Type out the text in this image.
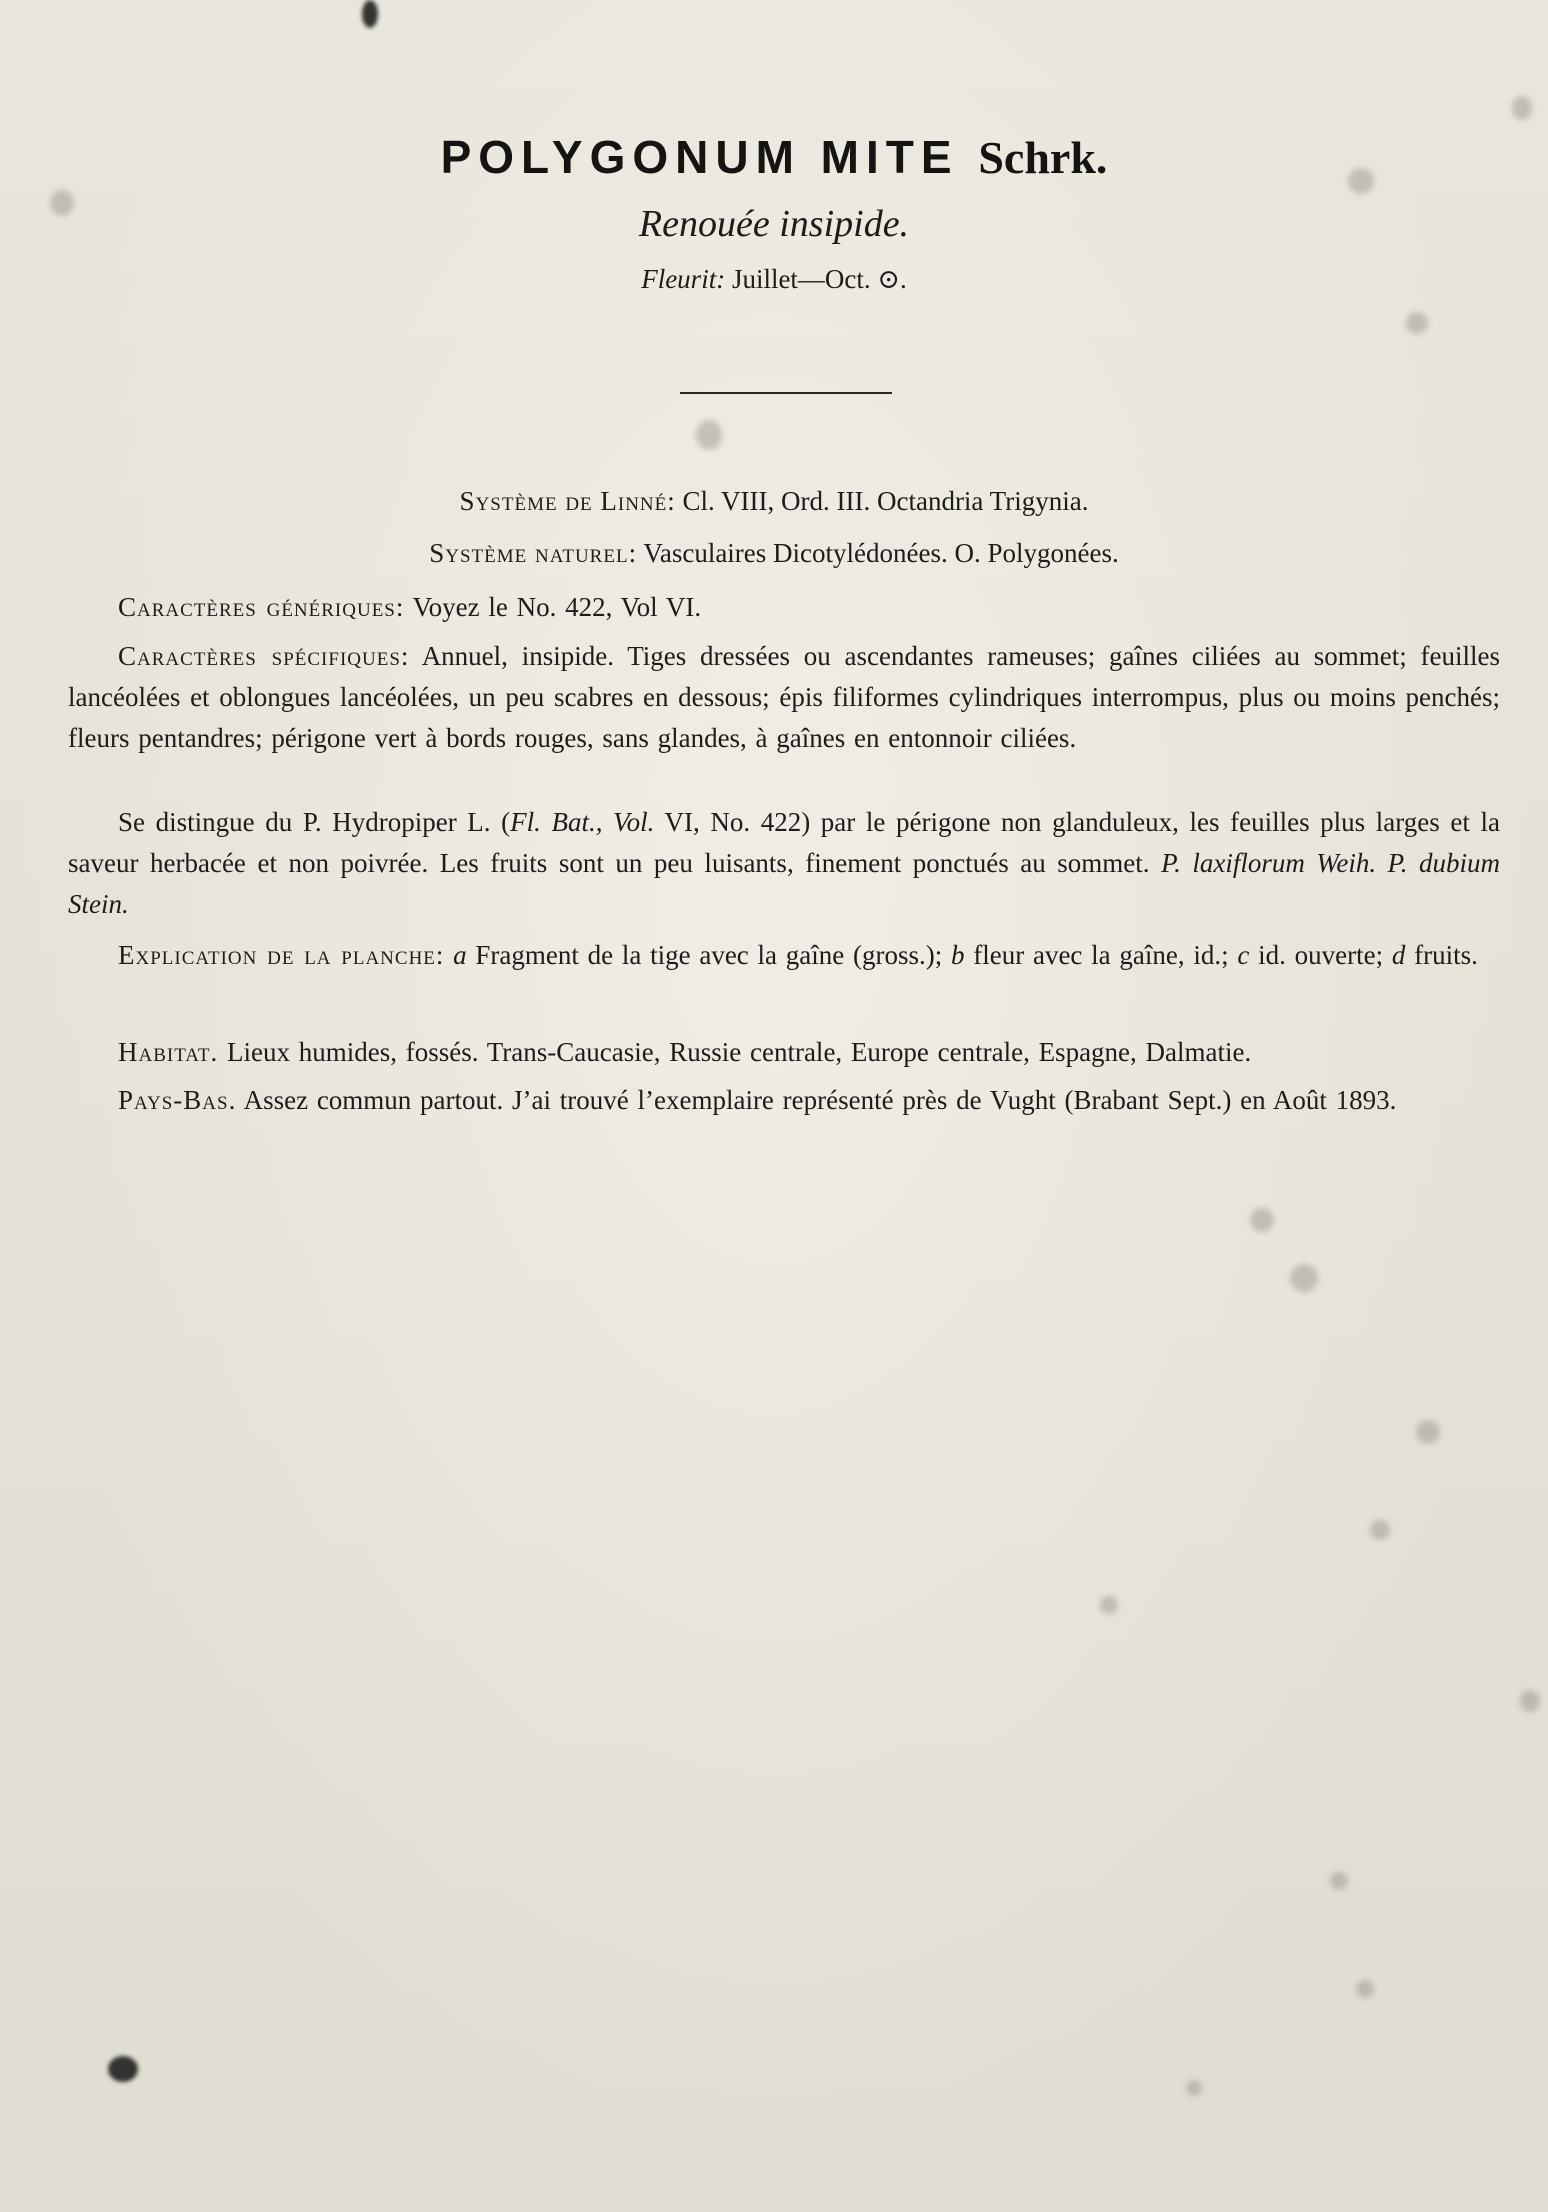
POLYGONUM MITE Schrk.
Renouée insipide.
Fleurit: Juillet—Oct. ⊙.
Système de Linné: Cl. VIII, Ord. III. Octandria Trigynia.
Système naturel: Vasculaires Dicotylédonées. O. Polygonées.
Caractères génériques: Voyez le No. 422, Vol VI.
Caractères spécifiques: Annuel, insipide. Tiges dressées ou ascendantes rameuses; gaînes ciliées au sommet; feuilles lancéolées et oblongues lancéolées, un peu scabres en dessous; épis filiformes cylindriques interrompus, plus ou moins penchés; fleurs pentandres; périgone vert à bords rouges, sans glandes, à gaînes en entonnoir ciliées.
Se distingue du P. Hydropiper L. (Fl. Bat., Vol. VI, No. 422) par le périgone non glanduleux, les feuilles plus larges et la saveur herbacée et non poivrée. Les fruits sont un peu luisants, finement ponctués au sommet. P. laxiflorum Weih. P. dubium Stein.
Explication de la planche: a Fragment de la tige avec la gaîne (gross.); b fleur avec la gaîne, id.; c id. ouverte; d fruits.
Habitat. Lieux humides, fossés. Trans-Caucasie, Russie centrale, Europe centrale, Espagne, Dalmatie.
Pays-Bas. Assez commun partout. J’ai trouvé l’exemplaire représenté près de Vught (Brabant Sept.) en Août 1893.
